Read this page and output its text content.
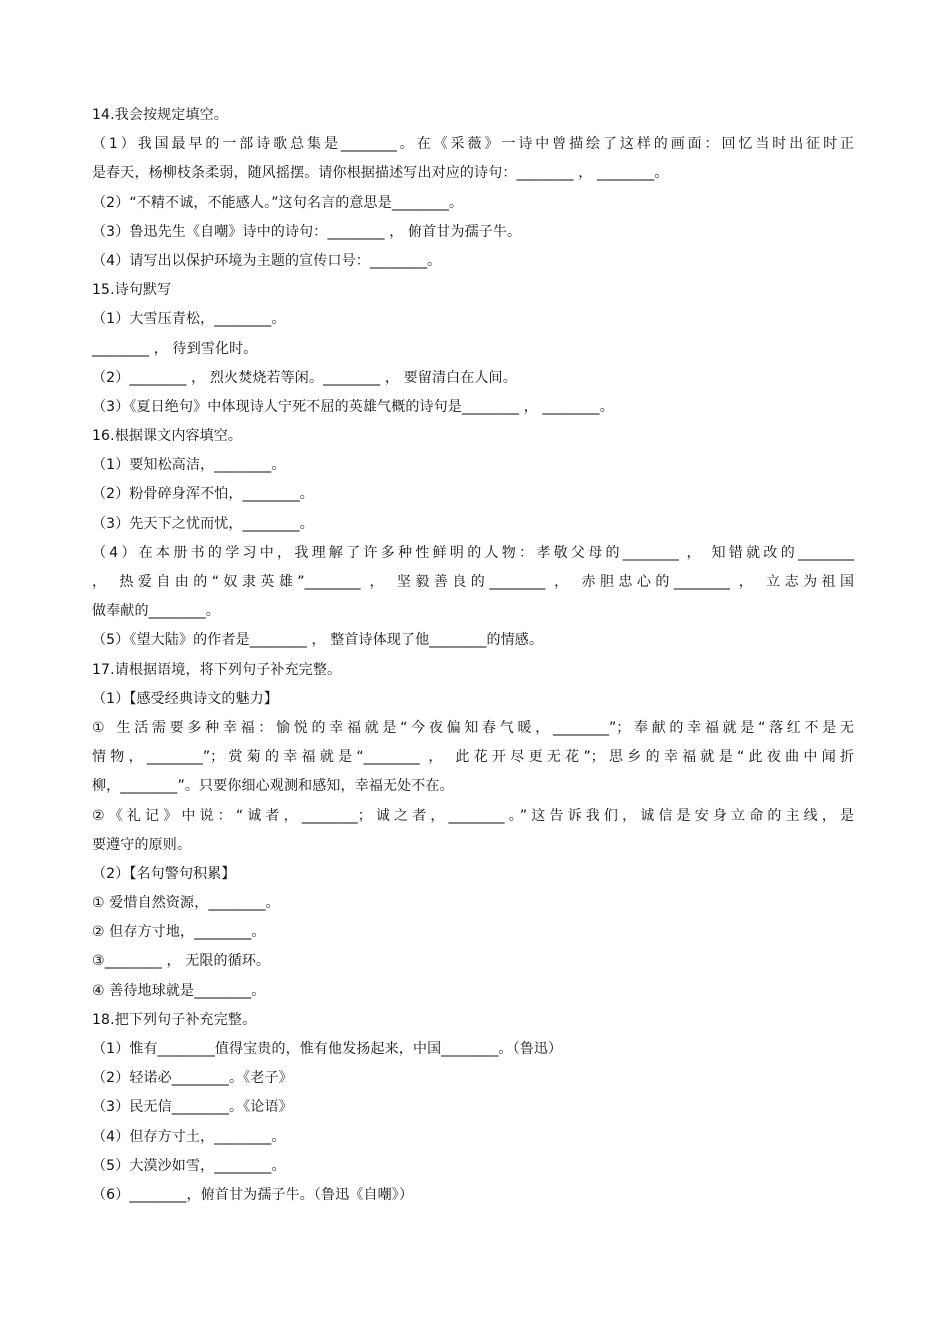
14.我会按规定填空。
（1）我国最早的一部诗歌总集是________。在《采薇》一诗中曾描绘了这样的画面：回忆当时出征时正
是春天，杨柳枝条柔弱，随风摇摆。请你根据描述写出对应的诗句：________ ， ________。
（2）“不精不诚，不能感人。”这句名言的意思是________。
（3）鲁迅先生《自嘲》诗中的诗句：________ ， 俯首甘为孺子牛。
（4）请写出以保护环境为主题的宣传口号：________。
15.诗句默写
（1）大雪压青松，________。
________ ， 待到雪化时。
（2）________ ， 烈火焚烧若等闲。________ ， 要留清白在人间。
（3）《夏日绝句》中体现诗人宁死不屈的英雄气概的诗句是________ ， ________。
16.根据课文内容填空。
（1）要知松高洁，________。
（2）粉骨碎身浑不怕，________。
（3）先天下之忧而忧，________。
（4）在本册书的学习中，我理解了许多种性鲜明的人物：孝敬父母的________ ， 知错就改的________
， 热爱自由的“奴隶英雄”________ ， 坚毅善良的________ ， 赤胆忠心的________ ， 立志为祖国
做奉献的________。
（5）《望大陆》的作者是________ ， 整首诗体现了他________的情感。
17.请根据语境，将下列句子补充完整。
（1）【感受经典诗文的魅力】
① 生活需要多种幸福：愉悦的幸福就是“今夜偏知春气暖，________”；奉献的幸福就是“落红不是无
情物，________”；赏菊的幸福就是“________ ， 此花开尽更无花”；思乡的幸福就是“此夜曲中闻折
柳，________”。只要你细心观测和感知，幸福无处不在。
②《礼记》中说：“诚者，________；诚之者，________。”这告诉我们，诚信是安身立命的主线，是
要遵守的原则。
（2）【名句警句积累】
① 爱惜自然资源，________。
② 但存方寸地，________。
③________ ， 无限的循环。
④ 善待地球就是________。
18.把下列句子补充完整。
（1）惟有________值得宝贵的，惟有他发扬起来，中国________。（鲁迅）
（2）轻诺必________。《老子》
（3）民无信________。《论语》
（4）但存方寸土，________。
（5）大漠沙如雪，________。
（6）________，俯首甘为孺子牛。（鲁迅《自嘲》）
